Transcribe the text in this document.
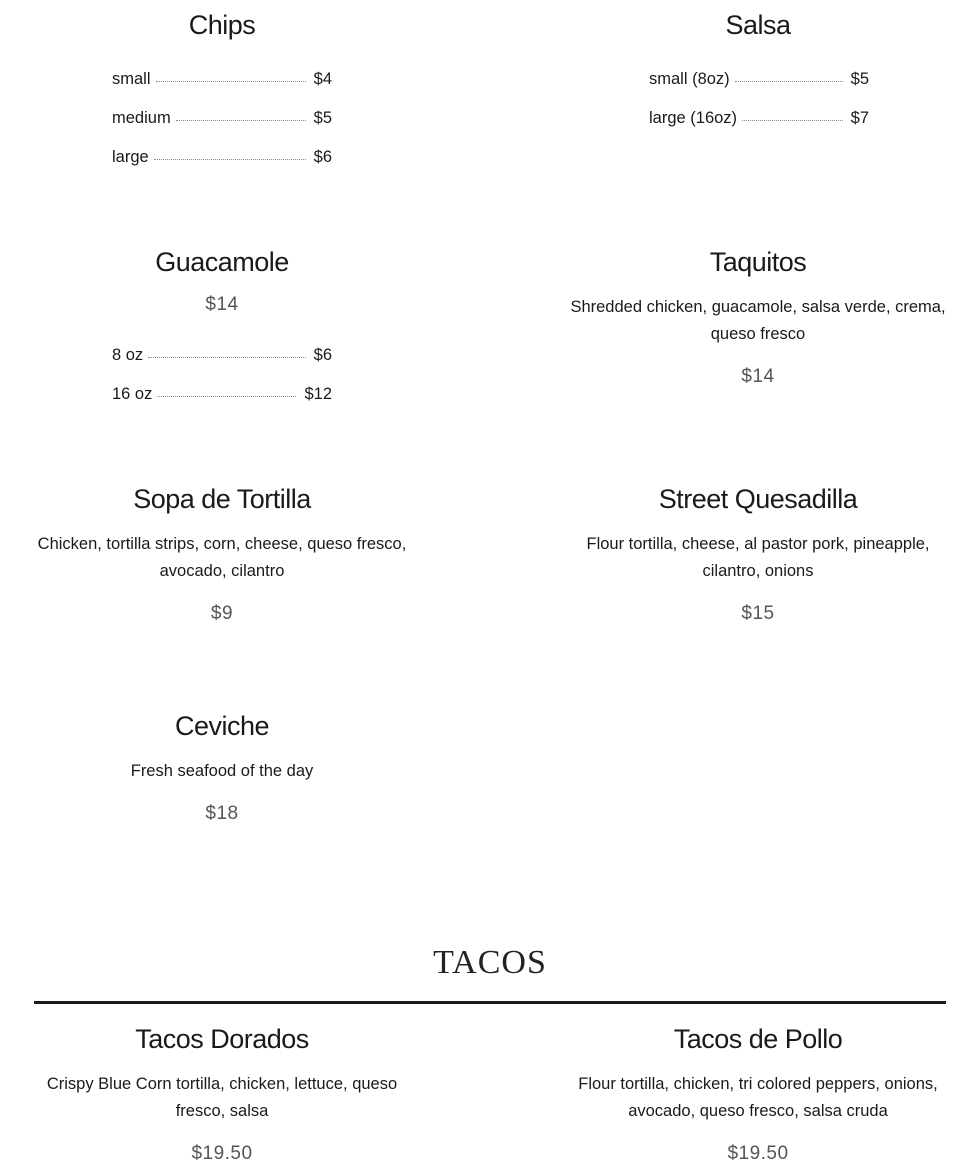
Chips
small	$4
medium	$5
large	$6
Salsa
small (8oz)	$5
large (16oz)	$7
Guacamole
$14
8 oz	$6
16 oz	$12
Taquitos

Shredded chicken, guacamole, salsa verde, crema, queso fresco

$14
Sopa de Tortilla

Chicken, tortilla strips, corn, cheese, queso fresco, avocado, cilantro

$9
Street Quesadilla

Flour tortilla, cheese, al pastor pork, pineapple, cilantro, onions

$15
Ceviche

Fresh seafood of the day

$18
TACOS
Tacos Dorados

Crispy Blue Corn tortilla, chicken, lettuce, queso fresco, salsa

$19.50
Tacos de Pollo

Flour tortilla, chicken, tri colored peppers, onions, avocado, queso fresco, salsa cruda

$19.50
